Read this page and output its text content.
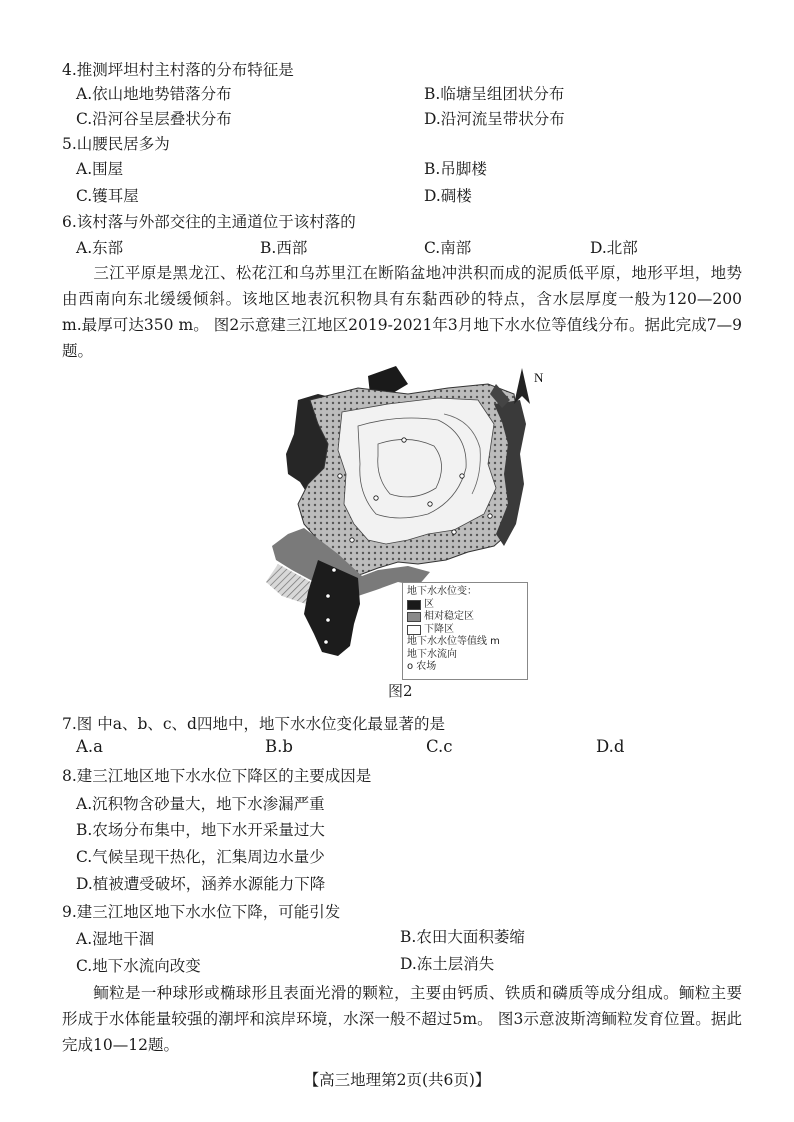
4.推测坪坦村主村落的分布特征是
A.依山地地势错落分布	B.临塘呈组团状分布
C.沿河谷呈层叠状分布	D.沿河流呈带状分布
5.山腰民居多为
A.围屋	B.吊脚楼
C.镬耳屋	D.碉楼
6.该村落与外部交往的主通道位于该村落的
A.东部	B.西部	C.南部	D.北部
三江平原是黑龙江、松花江和乌苏里江在断陷盆地冲洪积而成的泥质低平原，地形平坦，地势由西南向东北缓缓倾斜。该地区地表沉积物具有东黏西砂的特点，含水层厚度一般为120—200　m.最厚可达350 m。 图2示意建三江地区2019-2021年3月地下水水位等值线分布。据此完成7—9题。
N
地下水水位变：
区
相对稳定区
下降区
地下水水位等值线 m
地下水流向
o 农场
图2
7.图 中a、b、c、d四地中，地下水水位变化最显著的是
A.a	B.b	C.c	D.d
8.建三江地区地下水水位下降区的主要成因是
A.沉积物含砂量大，地下水渗漏严重
B.农场分布集中，地下水开采量过大
C.气候呈现干热化，汇集周边水量少
D.植被遭受破坏，涵养水源能力下降
9.建三江地区地下水水位下降，可能引发
A.湿地干涸	B.农田大面积萎缩
C.地下水流向改变	D.冻土层消失
鲕粒是一种球形或椭球形且表面光滑的颗粒，主要由钙质、铁质和磷质等成分组成。鲕粒主要形成于水体能量较强的潮坪和滨岸环境，水深一般不超过5m。 图3示意波斯湾鲕粒发育位置。据此完成10—12题。
【高三地理第2页(共6页)】
